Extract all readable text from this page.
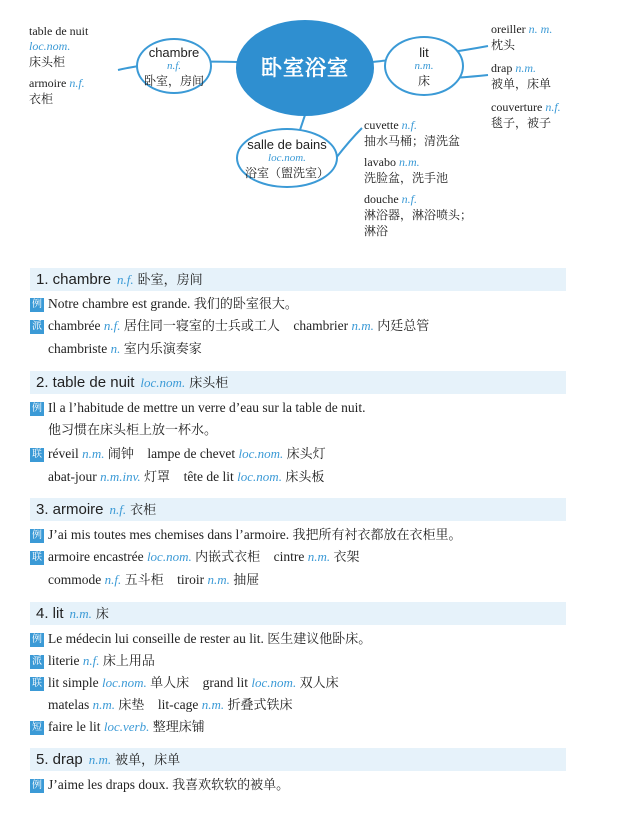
table de nuit
loc.nom.
床头柜
armoire n.f.
衣柜
chambre
n.f.
卧室，房间
卧室浴室
lit
n.m.
床
salle de bains
loc.nom.
浴室（盥洗室）
oreiller n. m.
枕头
drap n.m.
被单，床单
couverture n.f.
毯子，被子
cuvette n.f.
抽水马桶；清洗盆
lavabo n.m.
洗脸盆，洗手池
douche n.f.
淋浴器，淋浴喷头；
淋浴
1. chambre n.f. 卧室，房间
例 Notre chambre est grande. 我们的卧室很大。
派 chambrée n.f. 居住同一寝室的士兵或工人 chambrier n.m. 内廷总管
chambriste n. 室内乐演奏家
2. table de nuit loc.nom. 床头柜
例 Il a l’habitude de mettre un verre d’eau sur la table de nuit.
他习惯在床头柜上放一杯水。
联 réveil n.m. 闹钟 lampe de chevet loc.nom. 床头灯
abat-jour n.m.inv. 灯罩 tête de lit loc.nom. 床头板
3. armoire n.f. 衣柜
例 J’ai mis toutes mes chemises dans l’armoire. 我把所有衬衣都放在衣柜里。
联 armoire encastrée loc.nom. 内嵌式衣柜 cintre n.m. 衣架
commode n.f. 五斗柜 tiroir n.m. 抽屉
4. lit n.m. 床
例 Le médecin lui conseille de rester au lit. 医生建议他卧床。
派 literie n.f. 床上用品
联 lit simple loc.nom. 单人床 grand lit loc.nom. 双人床
matelas n.m. 床垫 lit-cage n.m. 折叠式铁床
短 faire le lit loc.verb. 整理床铺
5. drap n.m. 被单，床单
例 J’aime les draps doux. 我喜欢软软的被单。
